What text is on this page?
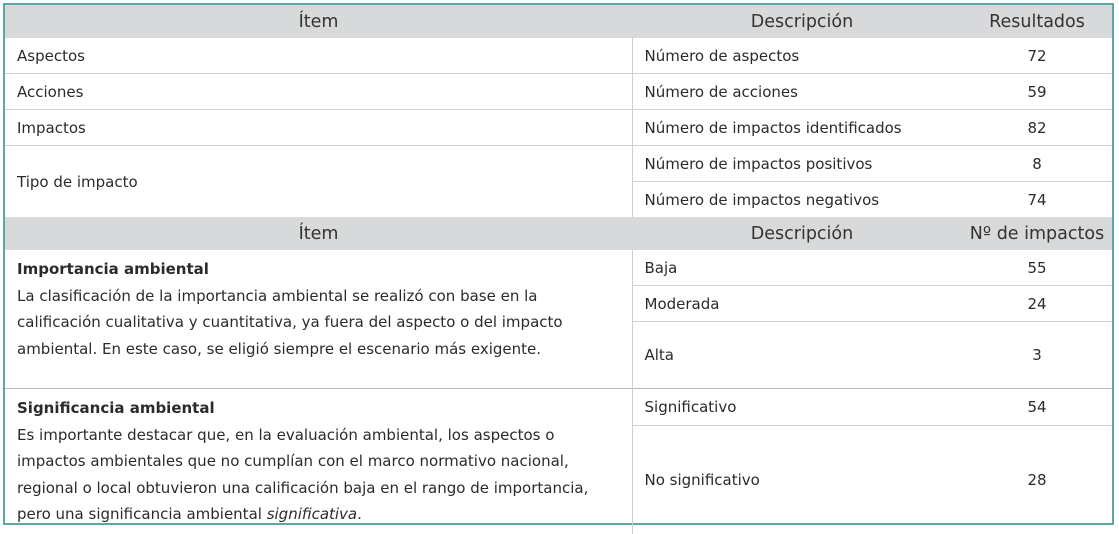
Ítem	Descripción	Resultados
Aspectos	Número de aspectos	72
Acciones	Número de acciones	59
Impactos	Número de impactos identificados	82
Tipo de impacto	Número de impactos positivos	8
	Número de impactos negativos	74
Ítem	Descripción	Nº de impactos

Importancia ambiental
La clasificación de la importancia ambiental se realizó con base en la calificación cualitativa y cuantitativa, ya fuera del aspecto o del impacto ambiental. En este caso, se eligió siempre el escenario más exigente.	Baja	55
	Moderada	24
	Alta	3

Significancia ambiental
Es importante destacar que, en la evaluación ambiental, los aspectos o impactos ambientales que no cumplían con el marco normativo nacional, regional o local obtuvieron una calificación baja en el rango de importancia, pero una significancia ambiental significativa.	Significativo	54
	No significativo	28
